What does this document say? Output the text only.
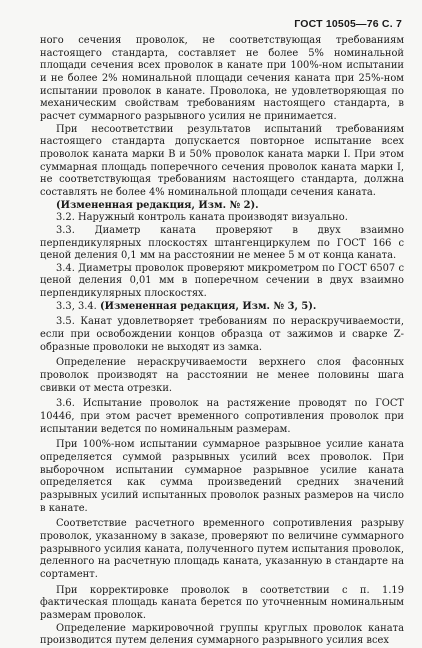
ГОСТ 10505—76 С. 7

ного сечения проволок, не соответствующая требованиям настоящего стандарта, составляет не более 5% номинальной площади сечения всех проволок в канате при 100%-ном испытании и не более 2% номинальной площади сечения каната при 25%-ном испытании проволок в канате. Проволока, не удовлетворяющая по механическим свойствам требованиям настоящего стандарта, в расчет суммарного разрывного усилия не принимается.

При несоответствии результатов испытаний требованиям настоящего стандарта допускается повторное испытание всех проволок каната марки В и 50% проволок каната марки I. При этом суммарная площадь поперечного сечения проволок каната марки I, не соответствующая требованиям настоящего стандарта, должна составлять не более 4% номинальной площади сечения каната.

(Измененная редакция, Изм. № 2).

3.2. Наружный контроль каната производят визуально.

3.3. Диаметр каната проверяют в двух взаимно перпендикулярных плоскостях штангенциркулем по ГОСТ 166 с ценой деления 0,1 мм на расстоянии не менее 5 м от конца каната.

3.4. Диаметры проволок проверяют микрометром по ГОСТ 6507 с ценой деления 0,01 мм в поперечном сечении в двух взаимно перпендикулярных плоскостях.

3.3, 3.4. (Измененная редакция, Изм. № 3, 5).

3.5. Канат удовлетворяет требованиям по нераскручиваемости, если при освобождении концов образца от зажимов и сварке Z-образные проволоки не выходят из замка.

Определение нераскручиваемости верхнего слоя фасонных проволок производят на расстоянии не менее половины шага свивки от места отрезки.

3.6. Испытание проволок на растяжение проводят по ГОСТ 10446, при этом расчет временного сопротивления проволок при испытании ведется по номинальным размерам.

При 100%-ном испытании суммарное разрывное усилие каната определяется суммой разрывных усилий всех проволок. При выборочном испытании суммарное разрывное усилие каната определяется как сумма произведений средних значений разрывных усилий испытанных проволок разных размеров на число в канате.

Соответствие расчетного временного сопротивления разрыву проволок, указанному в заказе, проверяют по величине суммарного разрывного усилия каната, полученного путем испытания проволок, деленного на расчетную площадь каната, указанную в стандарте на сортамент.

При корректировке проволок в соответствии с п. 1.19 фактическая площадь каната берется по уточненным номинальным размерам проволок.

Определение маркировочной группы круглых проволок каната производится путем деления суммарного разрывного усилия всех
